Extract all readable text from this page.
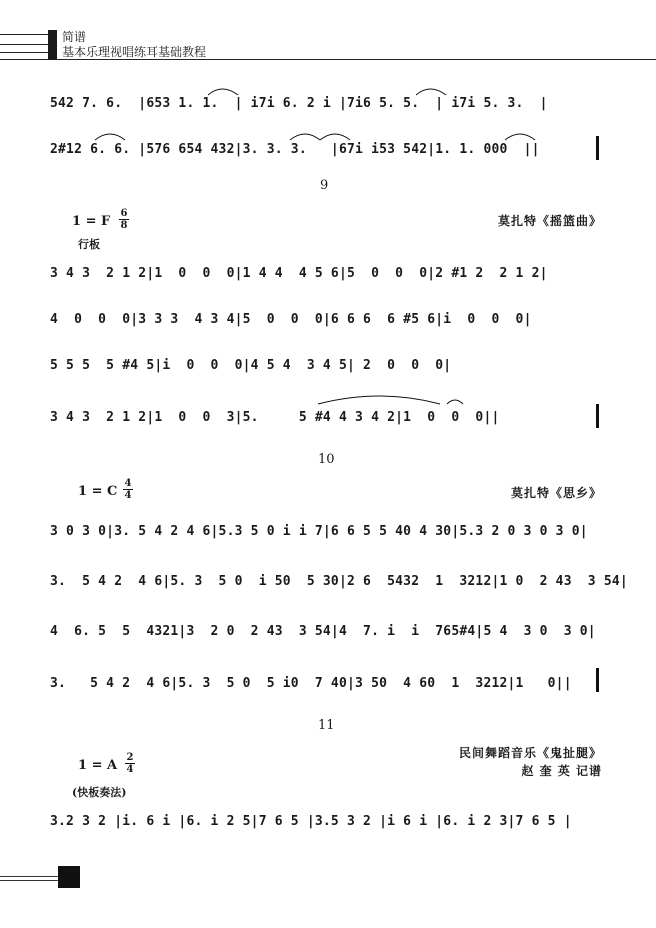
简谱
基本乐理视唱练耳基础教程
542 7. 6.  |653 1. 1.  | i7i 6. 2 i |7i6 5. 5.  | i7i 5. 3.  |
2#12 6. 6. |576 654 432|3. 3. 3.   |67i i53 542|1. 1. 000  ||
9
1 = F
6
8
行板
莫扎特《摇篮曲》
3 4 3  2 1 2|1  0  0  0|1 4 4  4 5 6|5  0  0  0|2 #1 2  2 1 2|
4  0  0  0|3 3 3  4 3 4|5  0  0  0|6 6 6  6 #5 6|i  0  0  0|
5 5 5  5 #4 5|i  0  0  0|4 5 4  3 4 5| 2  0  0  0|
3 4 3  2 1 2|1  0  0  3|5.     5 #4 4 3 4 2|1  0  0  0||
10
1 = C
4
4	莫扎特《思乡》
3 0 3 0|3. 5 4 2 4 6|5.3 5 0 i i 7|6 6 5 5 40 4 30|5.3 2 0 3 0 3 0|
3.  5 4 2  4 6|5. 3  5 0  i 50  5 30|2 6  5432  1  3212|1 0  2 43  3 54|
4  6. 5  5  4321|3  2 0  2 43  3 54|4  7. i  i  765#4|5 4  3 0  3 0|
3.   5 4 2  4 6|5. 3  5 0  5 i0  7 40|3 50  4 60  1  3212|1   0||
11
1 = A
2
4
民间舞蹈音乐《鬼扯腿》
赵 奎 英 记谱
(快板奏法)
3.2 3 2 |i. 6 i |6. i 2 5|7 6 5 |3.5 3 2 |i 6 i |6. i 2 3|7 6 5 |
